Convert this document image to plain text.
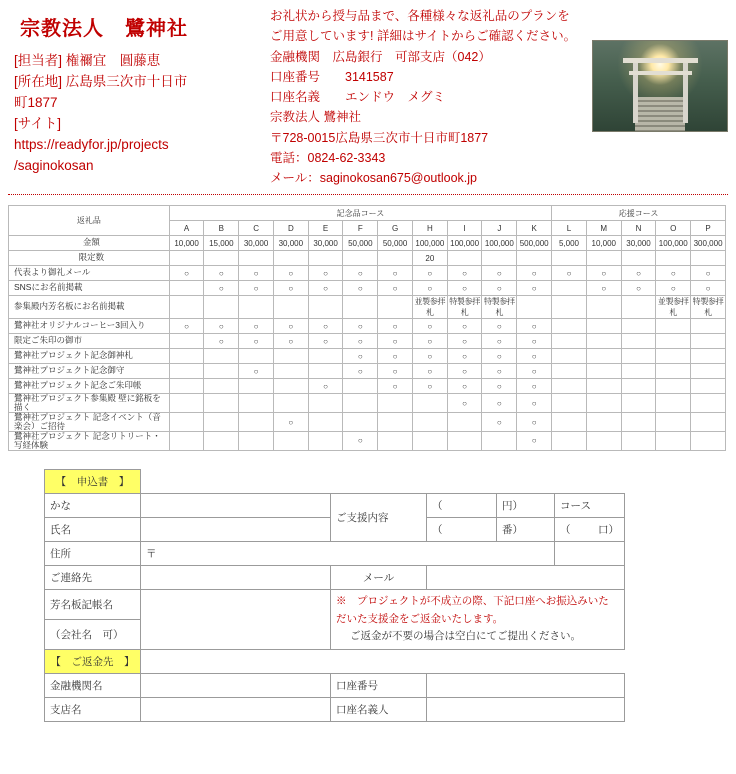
宗教法人　鷺神社
[担当者] 権禰宜　圓藤恵
[所在地] 広島県三次市十日市
町1877
[サイト]
https://readyfor.jp/projects
/saginokosan
お礼状から授与品まで、各種様々な返礼品のプランを
ご用意しています! 詳細はサイトからご確認ください。
金融機関　広島銀行　可部支店（042）
口座番号　　3141587
口座名義　　エンドウ　メグミ
宗教法人 鷺神社
〒728-0015広島県三次市十日市町1877
電話：0824-62-3343
メール：saginokosan675@outlook.jp
返礼品	記念品コース											応援コース				
	A	B	C	D	E	F	G	H	I	J	K	L	M	N	O	P
金額	10,000	15,000	30,000	30,000	30,000	50,000	50,000	100,000	100,000	100,000	500,000	5,000	10,000	30,000	100,000	300,000
限定数								20								
代表より御礼メール	○	○	○	○	○	○	○	○	○	○	○	○	○	○	○	○
SNSにお名前掲載		○	○	○	○	○	○	○	○	○	○		○	○	○	○
参集殿内芳名板にお名前掲載								並製参拝札	特製参拝札	特製参拝札					並製参拝札	特製参拝札
鷺神社オリジナルコーヒー3回入り	○	○	○	○	○	○	○	○	○	○	○					
限定ご朱印の御市		○	○	○	○	○	○	○	○	○	○					
鷺神社プロジェクト記念御神札						○	○	○	○	○	○					
鷺神社プロジェクト記念御守			○			○	○	○	○	○	○					
鷺神社プロジェクト記念ご朱印帳					○		○	○	○	○	○					
鷺神社プロジェクト参集殿 壁に銘板を描く									○	○	○					
鷺神社プロジェクト 記念イベント（音楽会）ご招待				○						○	○					
鷺神社プロジェクト 記念リトリート・写経体験						○					○					
【　申込書　】					
かな		ご支援内容	（	円）	コース
氏名			（	番）	（ 口）

住所	〒				
ご連絡先		メール			
芳名板記帳名		※　プロジェクトが不成立の際、下記口座へお振込みいただいた支援金をご返金いたします。
ご返金が不要の場合は空白にてご提出ください。			

（会社名　可）					
【　ご返金先　】					
金融機関名		口座番号			
支店名		口座名義人			
